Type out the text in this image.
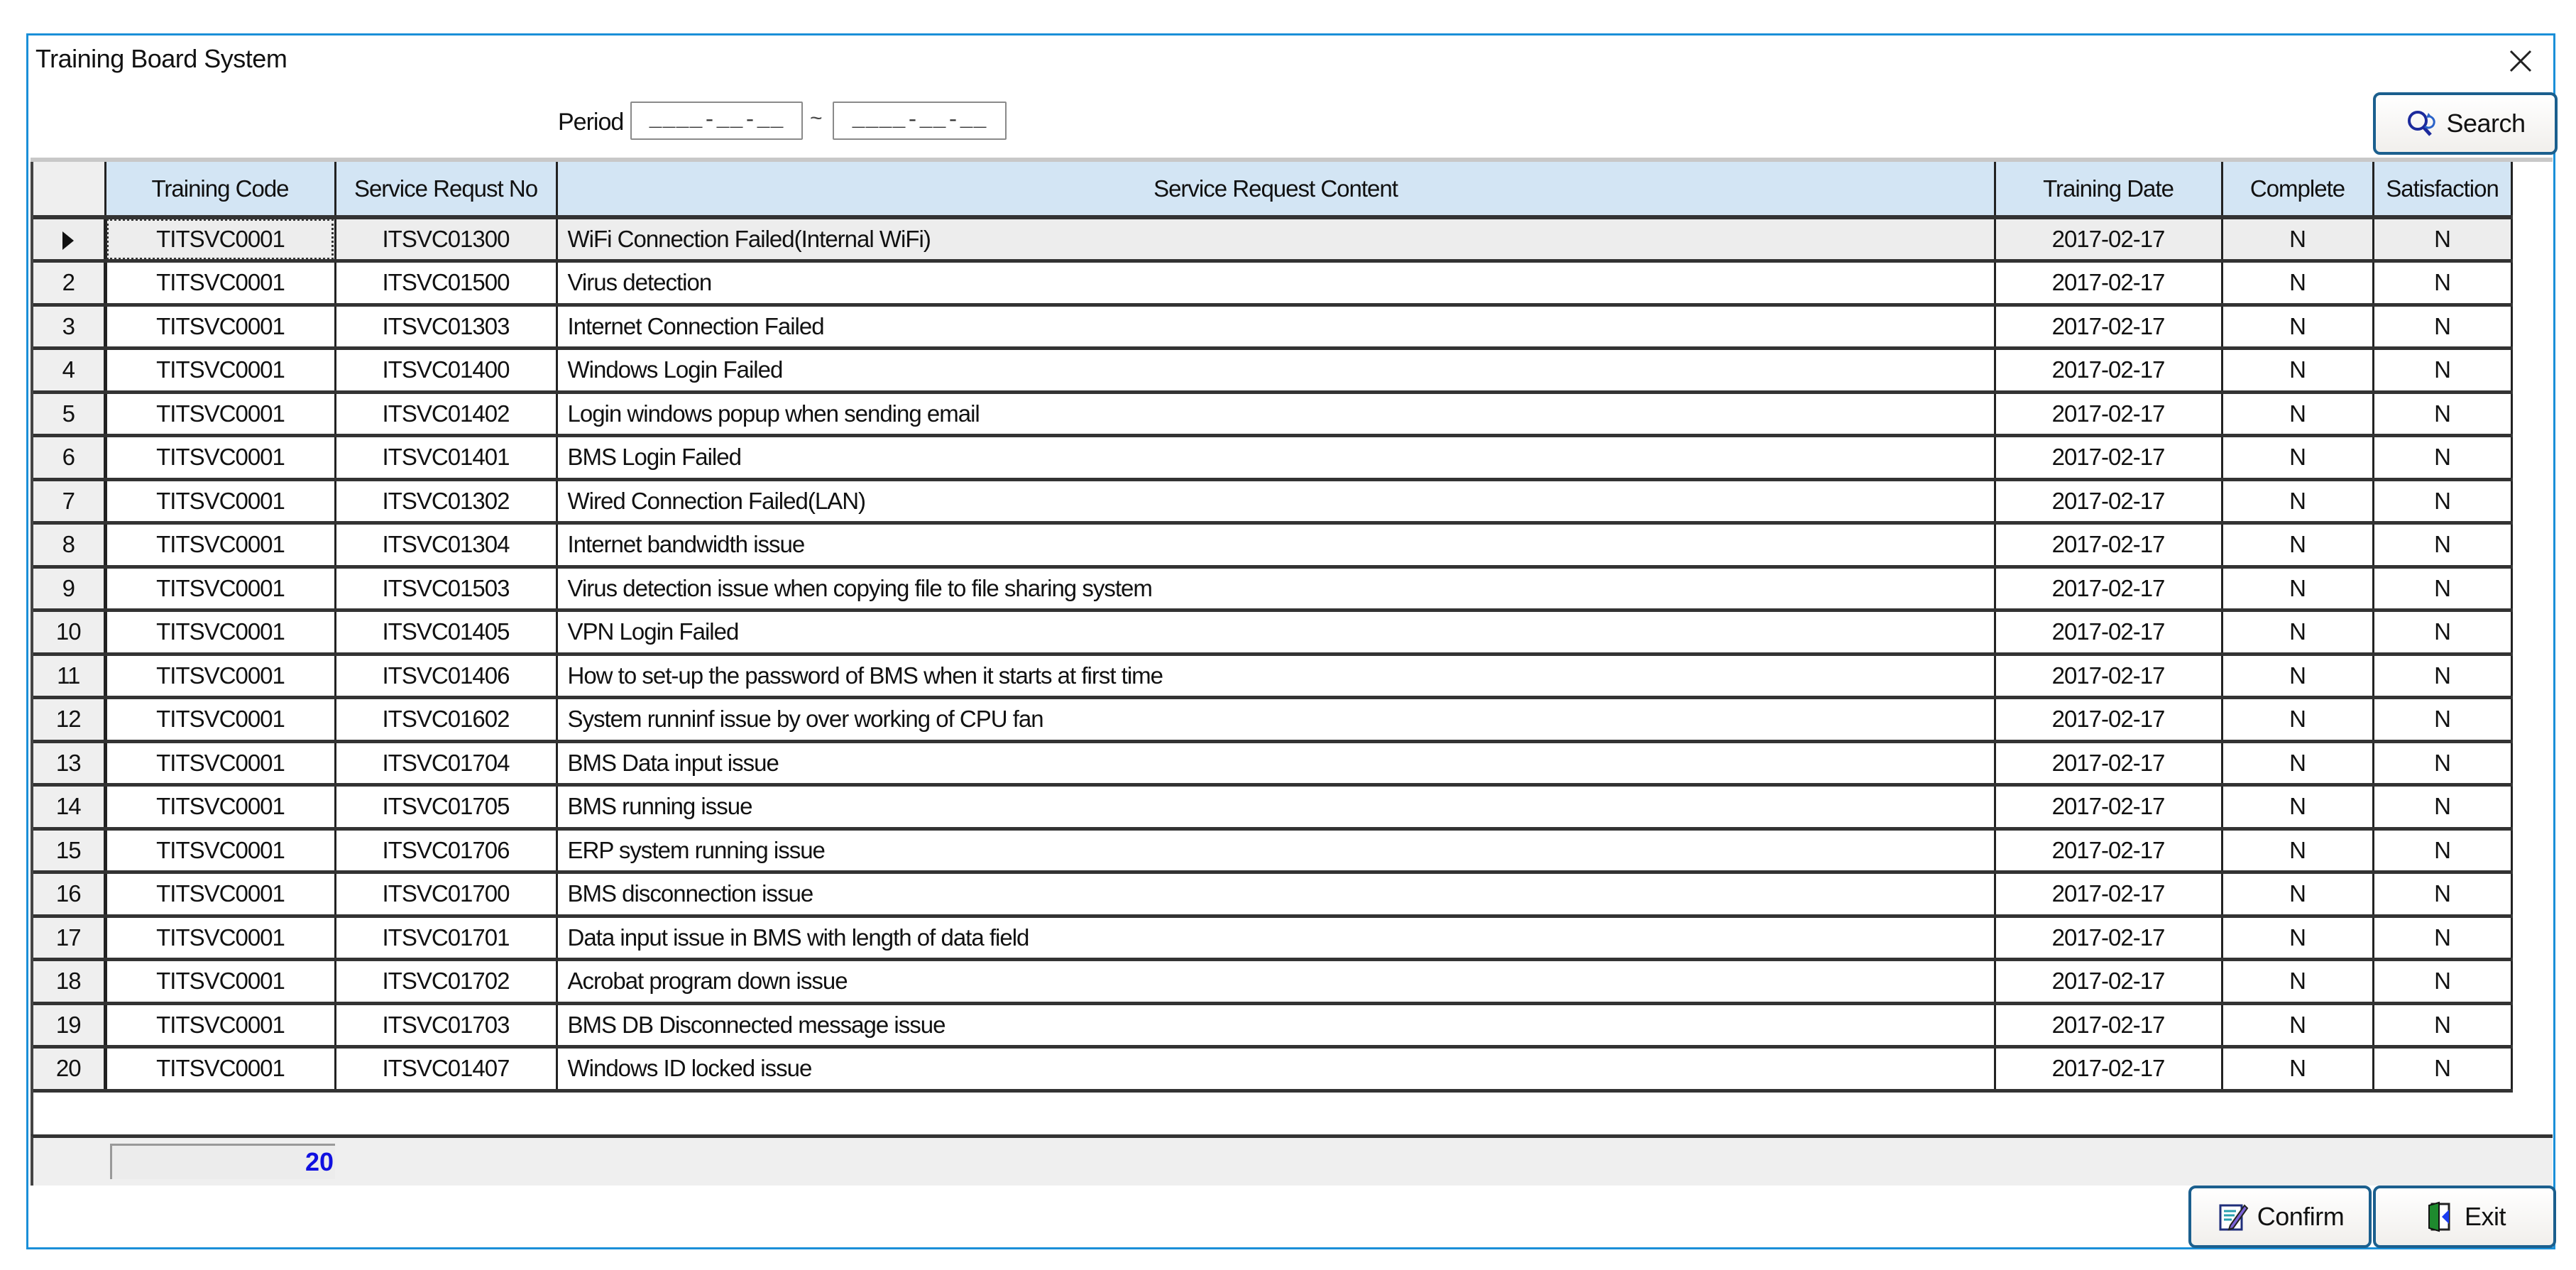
Training Board System
Period	____-__-__	~	____-__-__	Search
	Training Code	Service Requst No	Service Request Content	Training Date	Complete	Satisfaction
	TITSVC0001	ITSVC01300	WiFi Connection Failed(Internal WiFi)	2017-02-17	N	N
2	TITSVC0001	ITSVC01500	Virus detection	2017-02-17	N	N
3	TITSVC0001	ITSVC01303	Internet Connection Failed	2017-02-17	N	N
4	TITSVC0001	ITSVC01400	Windows Login Failed	2017-02-17	N	N
5	TITSVC0001	ITSVC01402	Login windows popup when sending email	2017-02-17	N	N
6	TITSVC0001	ITSVC01401	BMS Login Failed	2017-02-17	N	N
7	TITSVC0001	ITSVC01302	Wired Connection Failed(LAN)	2017-02-17	N	N
8	TITSVC0001	ITSVC01304	Internet bandwidth issue	2017-02-17	N	N
9	TITSVC0001	ITSVC01503	Virus detection issue when copying file to file sharing system	2017-02-17	N	N
10	TITSVC0001	ITSVC01405	VPN Login Failed	2017-02-17	N	N
11	TITSVC0001	ITSVC01406	How to set-up the password of BMS when it starts at first time	2017-02-17	N	N
12	TITSVC0001	ITSVC01602	System runninf issue by over working of CPU fan	2017-02-17	N	N
13	TITSVC0001	ITSVC01704	BMS Data input issue	2017-02-17	N	N
14	TITSVC0001	ITSVC01705	BMS running issue	2017-02-17	N	N
15	TITSVC0001	ITSVC01706	ERP system running issue	2017-02-17	N	N
16	TITSVC0001	ITSVC01700	BMS disconnection issue	2017-02-17	N	N
17	TITSVC0001	ITSVC01701	Data input issue in BMS with length of data field	2017-02-17	N	N
18	TITSVC0001	ITSVC01702	Acrobat program down issue	2017-02-17	N	N
19	TITSVC0001	ITSVC01703	BMS DB Disconnected message issue	2017-02-17	N	N
20	TITSVC0001	ITSVC01407	Windows ID locked issue	2017-02-17	N	N
20
Confirm	Exit
